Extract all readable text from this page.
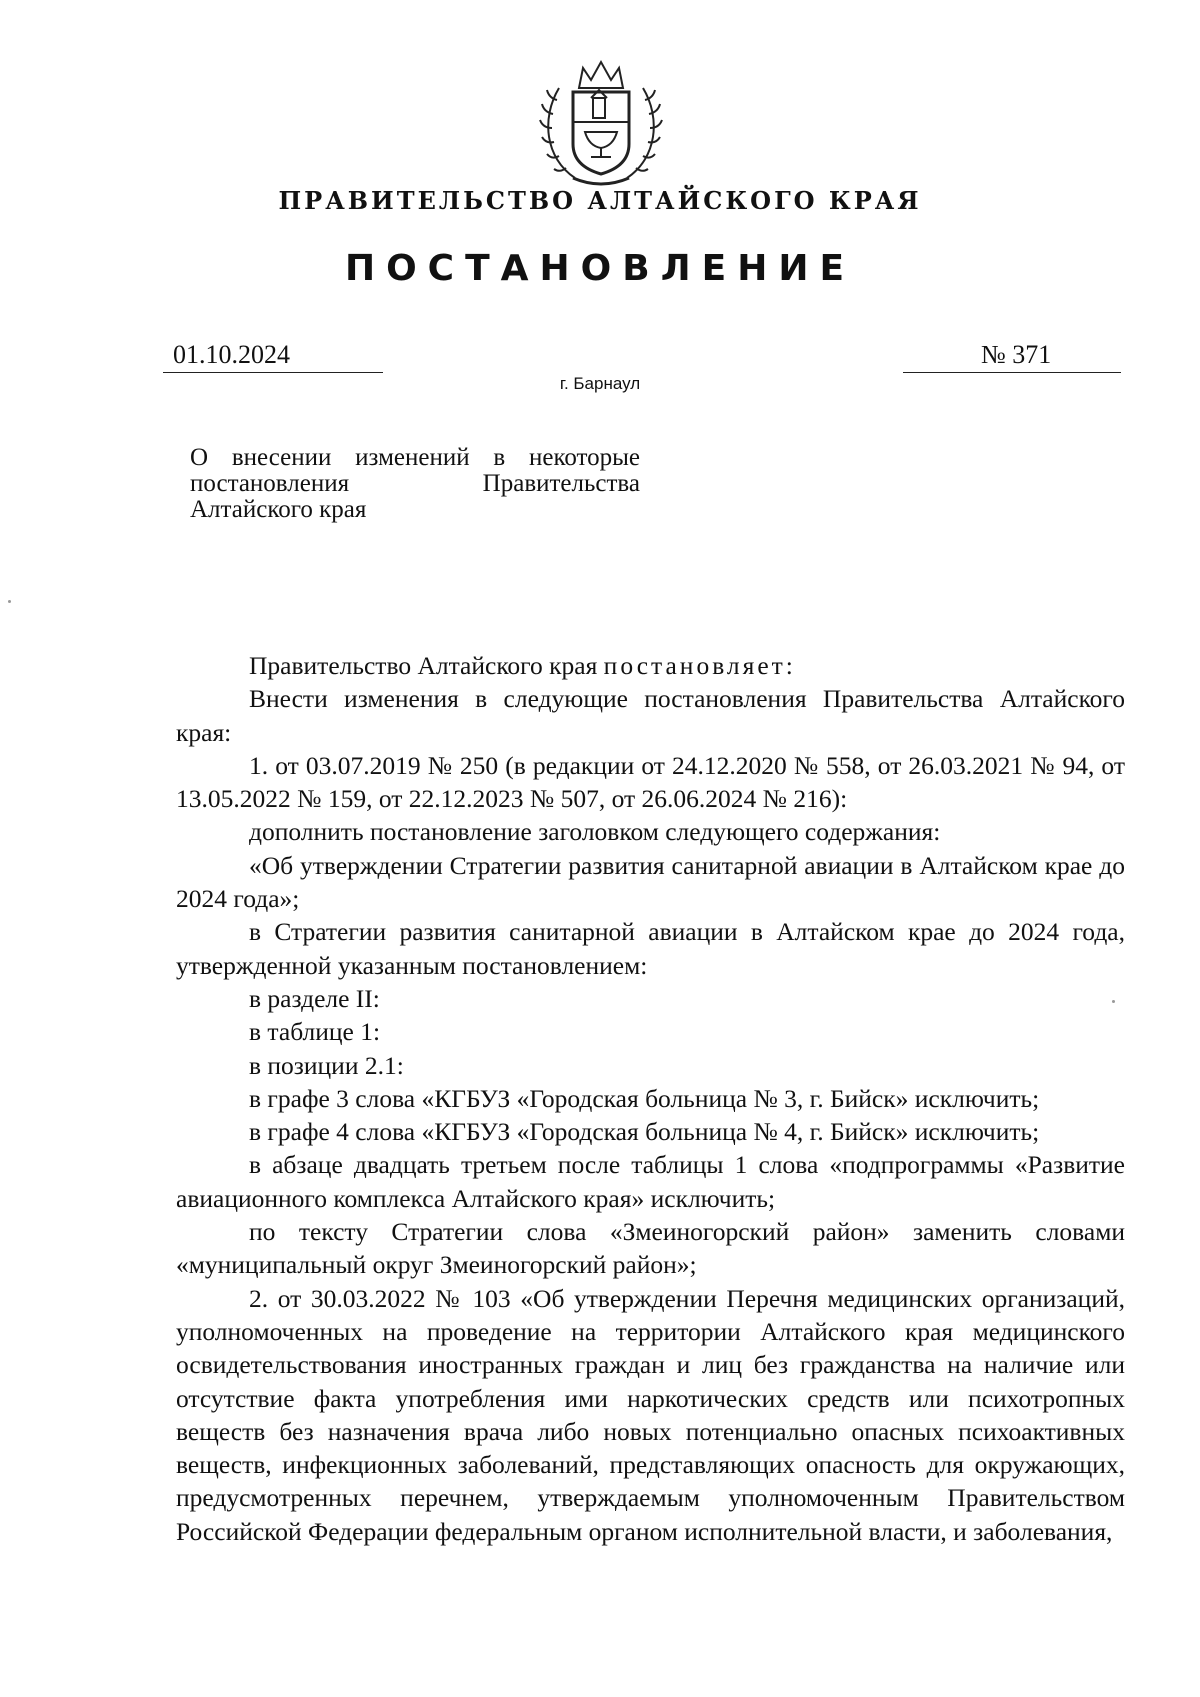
ПРАВИТЕЛЬСТВО АЛТАЙСКОГО КРАЯ
ПОСТАНОВЛЕНИЕ
01.10.2024	№ 371
г. Барнаул
О внесении изменений в некоторые
постановления	Правительства
Алтайского края

Правительство Алтайского края постановляет:

Внести изменения в следующие постановления Правительства Алтайского края:

1. от 03.07.2019 № 250 (в редакции от 24.12.2020 № 558, от 26.03.2021 № 94, от 13.05.2022 № 159, от 22.12.2023 № 507, от 26.06.2024 № 216):

дополнить постановление заголовком следующего содержания:

«Об утверждении Стратегии развития санитарной авиации в Алтайском крае до 2024 года»;

в Стратегии развития санитарной авиации в Алтайском крае до 2024 года, утвержденной указанным постановлением:

в разделе II:

в таблице 1:

в позиции 2.1:

в графе 3 слова «КГБУЗ «Городская больница № 3, г. Бийск» исключить;

в графе 4 слова «КГБУЗ «Городская больница № 4, г. Бийск» исключить;

в абзаце двадцать третьем после таблицы 1 слова «подпрограммы «Развитие авиационного комплекса Алтайского края» исключить;

по тексту Стратегии слова «Змеиногорский район» заменить словами «муниципальный округ Змеиногорский район»;

2. от 30.03.2022 № 103 «Об утверждении Перечня медицинских организаций, уполномоченных на проведение на территории Алтайского края медицинского освидетельствования иностранных граждан и лиц без гражданства на наличие или отсутствие факта употребления ими наркотических средств или психотропных веществ без назначения врача либо новых потенциально опасных психоактивных веществ, инфекционных заболеваний, представляющих опасность для окружающих, предусмотренных перечнем, утверждаемым уполномоченным Правительством Российской Федерации федеральным органом исполнительной власти, и заболевания,
